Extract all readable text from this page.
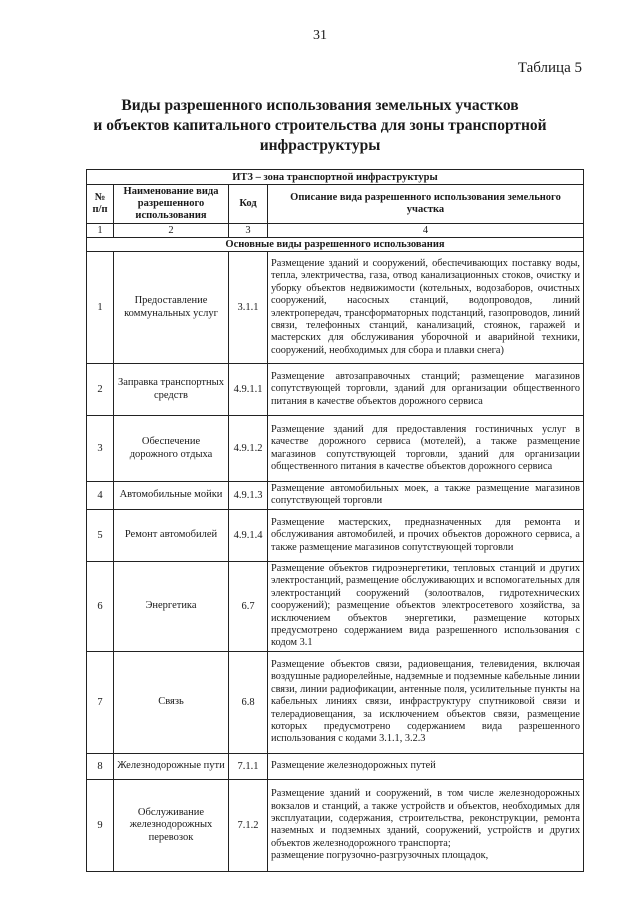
31
Таблица 5
Виды разрешенного использования земельных участков
и объектов капитального строительства для зоны транспортной
инфраструктуры
ИТЗ – зона транспортной инфраструктуры			
№ п/п	Наименование вида разрешенного использования	Код	Описание вида разрешенного использования земельного участка
1	2	3	4
Основные виды разрешенного использования			
1	Предоставление коммунальных услуг	3.1.1	Размещение зданий и сооружений, обеспечивающих поставку воды, тепла, электричества, газа, отвод канализационных стоков, очистку и уборку объектов недвижимости (котельных, водозаборов, очистных сооружений, насосных станций, водопроводов, линий электропередач, трансформаторных подстанций, газопроводов, линий связи, телефонных станций, канализаций, стоянок, гаражей и мастерских для обслуживания уборочной и аварийной техники, сооружений, необходимых для сбора и плавки снега)
2	Заправка транспортных средств	4.9.1.1	Размещение автозаправочных станций; размещение магазинов сопутствующей торговли, зданий для организации общественного питания в качестве объектов дорожного сервиса
3	Обеспечение дорожного отдыха	4.9.1.2	Размещение зданий для предоставления гостиничных услуг в качестве дорожного сервиса (мотелей), а также размещение магазинов сопутствующей торговли, зданий для организации общественного питания в качестве объектов дорожного сервиса
4	Автомобильные мойки	4.9.1.3	Размещение автомобильных моек, а также размещение магазинов сопутствующей торговли
5	Ремонт автомобилей	4.9.1.4	Размещение мастерских, предназначенных для ремонта и обслуживания автомобилей, и прочих объектов дорожного сервиса, а также размещение магазинов сопутствующей торговли
6	Энергетика	6.7	Размещение объектов гидроэнергетики, тепловых станций и других электростанций, размещение обслуживающих и вспомогательных для электростанций сооружений (золоотвалов, гидротехнических сооружений); размещение объектов электросетевого хозяйства, за исключением объектов энергетики, размещение которых предусмотрено содержанием вида разрешенного использования с кодом 3.1
7	Связь	6.8	Размещение объектов связи, радиовещания, телевидения, включая воздушные радиорелейные, надземные и подземные кабельные линии связи, линии радиофикации, антенные поля, усилительные пункты на кабельных линиях связи, инфраструктуру спутниковой связи и телерадиовещания, за исключением объектов связи, размещение которых предусмотрено содержанием вида разрешенного использования с кодами 3.1.1, 3.2.3
8	Железнодорожные пути	7.1.1	Размещение железнодорожных путей
9	Обслуживание железнодорожных перевозок	7.1.2	Размещение зданий и сооружений, в том числе железнодорожных вокзалов и станций, а также устройств и объектов, необходимых для эксплуатации, содержания, строительства, реконструкции, ремонта наземных и подземных зданий, сооружений, устройств и других объектов железнодорожного транспорта;
размещение погрузочно-разгрузочных площадок,
